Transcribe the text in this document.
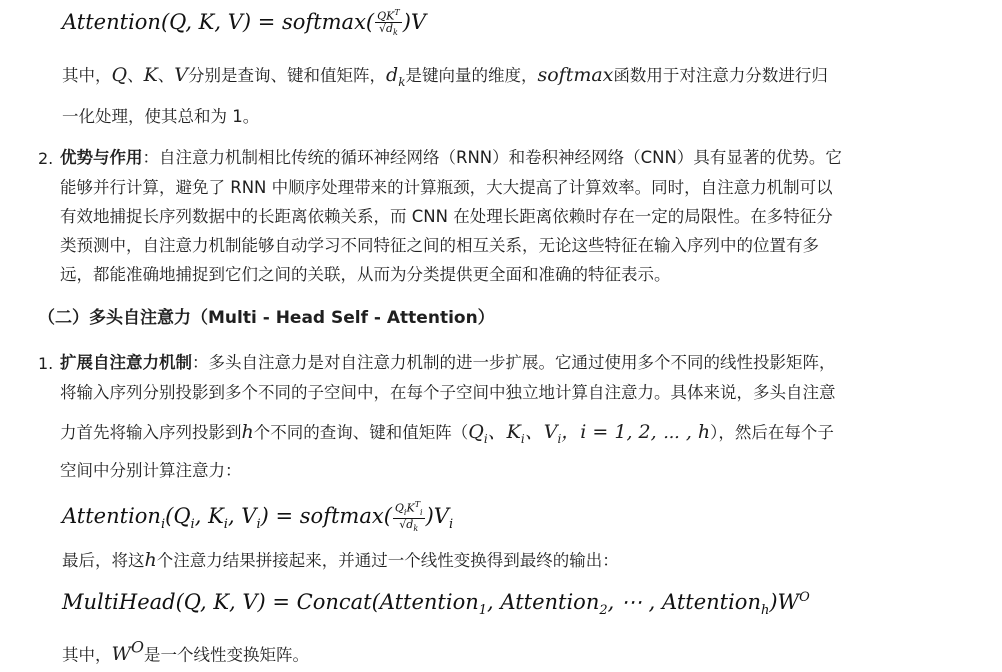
Attention(Q, K, V) = softmax( $\frac{QK^T}{√d_k} )V$
其中，Q、K、V分别是查询、键和值矩阵，$d_k$是键向量的维度，softmax函数用于对注意力分数进行归
一化处理，使其总和为 1。
2. 优势与作用：自注意力机制相比传统的循环神经网络（RNN）和卷积神经网络（CNN）具有显著的优势。它
能够并行计算，避免了 RNN 中顺序处理带来的计算瓶颈，大大提高了计算效率。同时，自注意力机制可以
有效地捕捉长序列数据中的长距离依赖关系，而 CNN 在处理长距离依赖时存在一定的局限性。在多特征分
类预测中，自注意力机制能够自动学习不同特征之间的相互关系，无论这些特征在输入序列中的位置有多
远，都能准确地捕捉到它们之间的关联，从而为分类提供更全面和准确的特征表示。
（二）多头自注意力（Multi - Head Self - Attention）
1. 扩展自注意力机制：多头自注意力是对自注意力机制的进一步扩展。它通过使用多个不同的线性投影矩阵，
将输入序列分别投影到多个不同的子空间中，在每个子空间中独立地计算自注意力。具体来说，多头自注意
力首先将输入序列投影到h个不同的查询、键和值矩阵（$Q_i$、$K_i$、$V_i$，i = 1, 2, ⋯ , h），然后在每个子
空间中分别计算注意力：
$Attention_i(Q_i$, $K_i$, $V_i$) = softmax( $\frac{Q_iK^T_i}{√d_k} )V_i$
最后，将这h个注意力结果拼接起来，并通过一个线性变换得到最终的输出：
MultiHead(Q, K, V) = Concat(Attention$_1$, Attention$_2$, ⋯ , $Attention_h)W^O$
其中，$W^O$是一个线性变换矩阵。
